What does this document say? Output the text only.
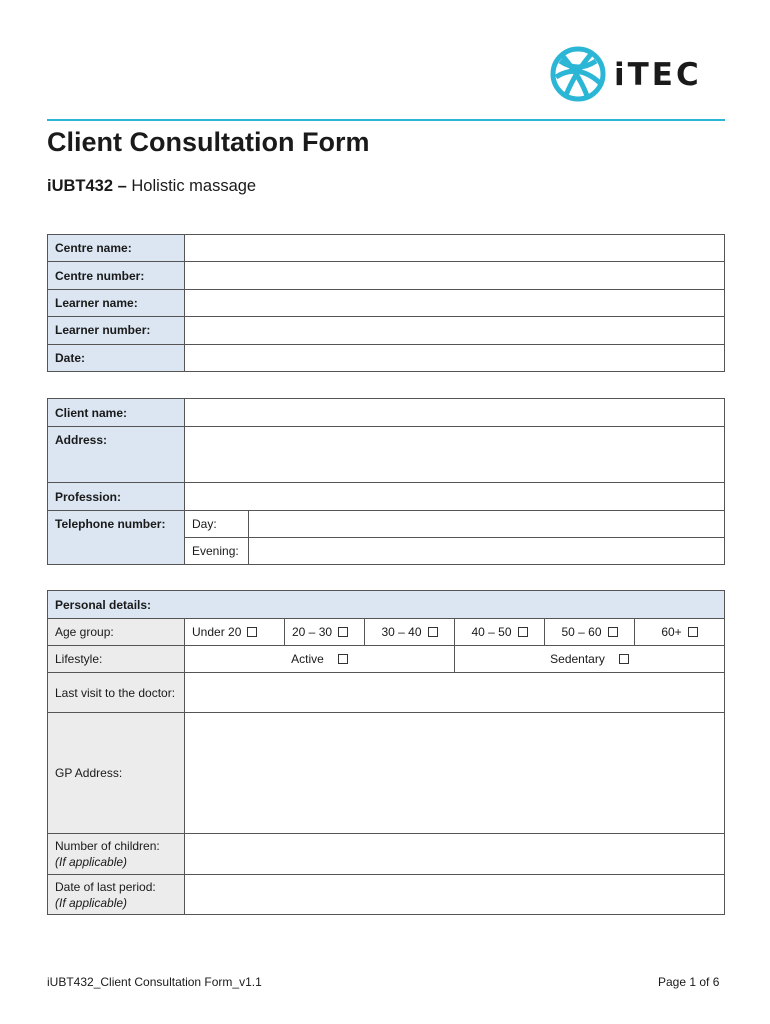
iTEC
Client Consultation Form
iUBT432 – Holistic massage
Centre name:	
Centre number:	
Learner name:	
Learner number:	
Date:	
Client name:		
Address:		
Profession:		
Telephone number:	Day:	
	Evening:	
Personal details:						
Age group:	Under 20	20 – 30	30 – 40	40 – 50	50 – 60	60+
Lifestyle:	Active			Sedentary		
Last visit to the doctor:						
GP Address:						
Number of children:
(If applicable)						
Date of last period:
(If applicable)						
iUBT432_Client Consultation Form_v1.1	Page 1 of 6
